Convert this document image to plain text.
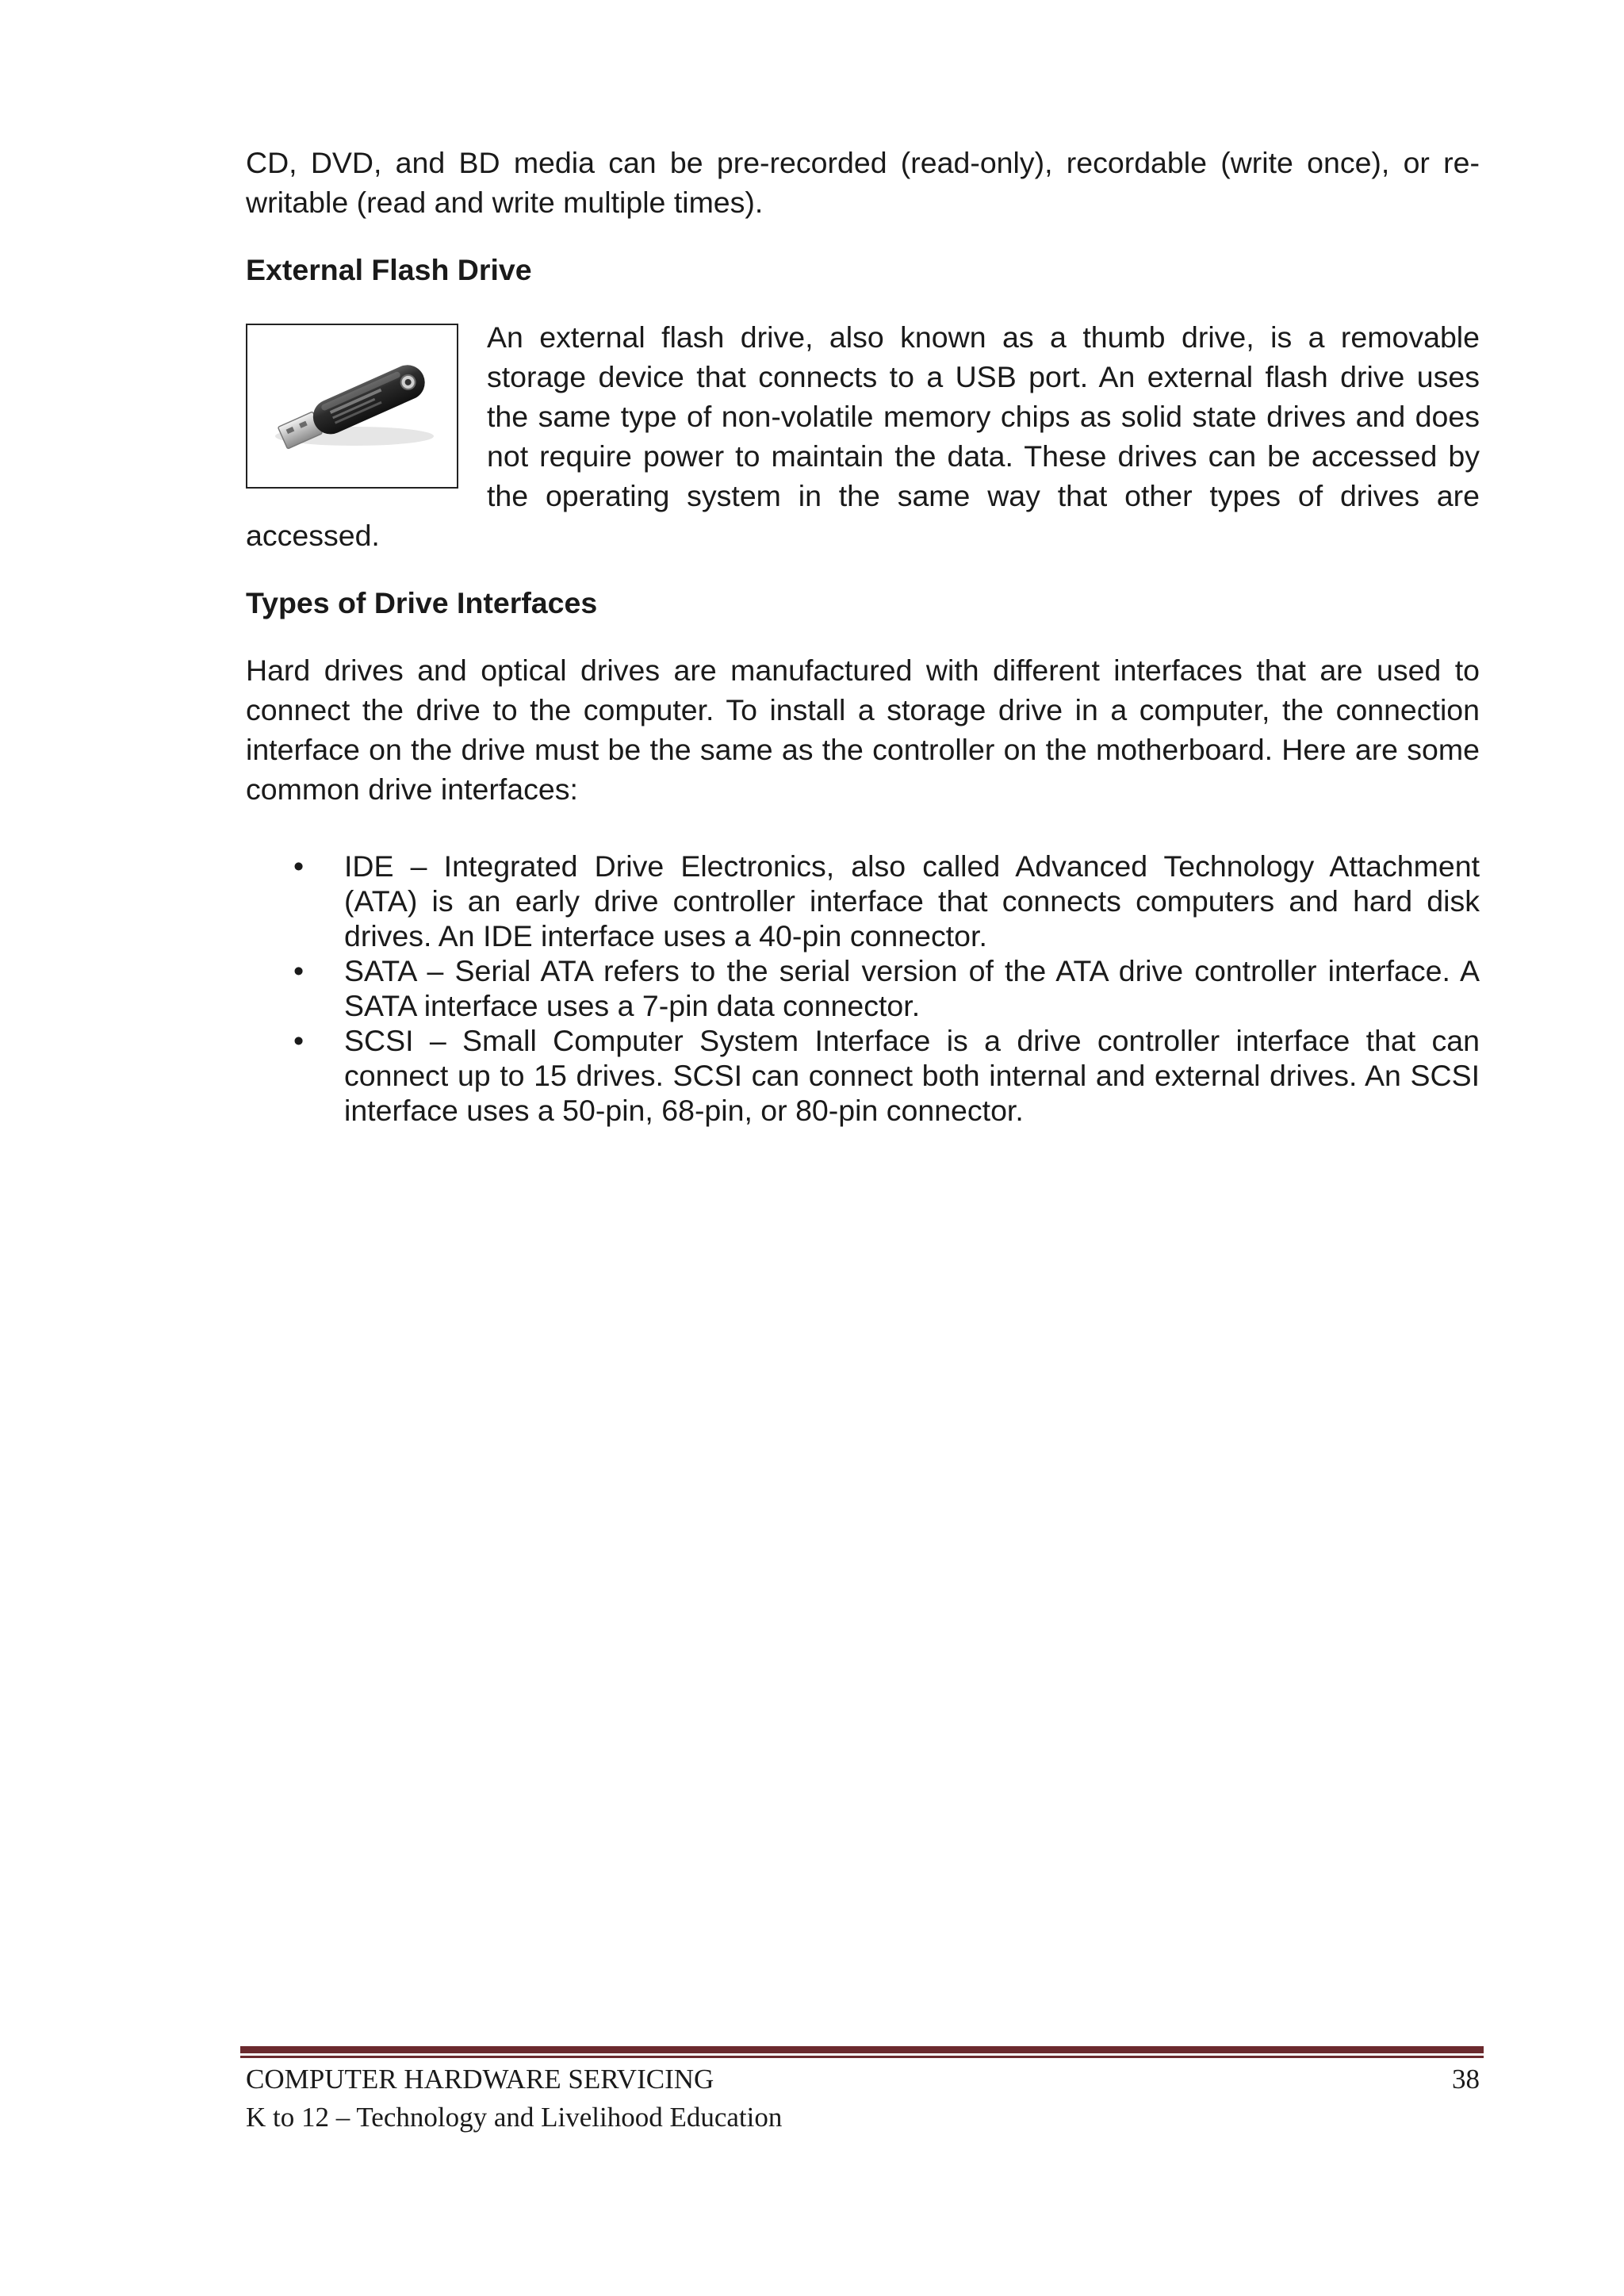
CD, DVD, and BD media can be pre-recorded (read-only), recordable (write once), or re-writable (read and write multiple times).

External Flash Drive

An external flash drive, also known as a thumb drive, is a removable storage device that connects to a USB port. An external flash drive uses the same type of non-volatile memory chips as solid state drives and does not require power to maintain the data. These drives can be accessed by the operating system in the same way that other types of drives are accessed.

Types of Drive Interfaces

Hard drives and optical drives are manufactured with different interfaces that are used to connect the drive to the computer. To install a storage drive in a computer, the connection interface on the drive must be the same as the controller on the motherboard. Here are some common drive interfaces:

• IDE – Integrated Drive Electronics, also called Advanced Technology Attachment (ATA) is an early drive controller interface that connects computers and hard disk drives. An IDE interface uses a 40-pin connector.
• SATA – Serial ATA refers to the serial version of the ATA drive controller interface. A SATA interface uses a 7-pin data connector.
• SCSI – Small Computer System Interface is a drive controller interface that can connect up to 15 drives. SCSI can connect both internal and external drives. An SCSI interface uses a 50-pin, 68-pin, or 80-pin connector.
COMPUTER HARDWARE SERVICING	38
K to 12 – Technology and Livelihood Education
